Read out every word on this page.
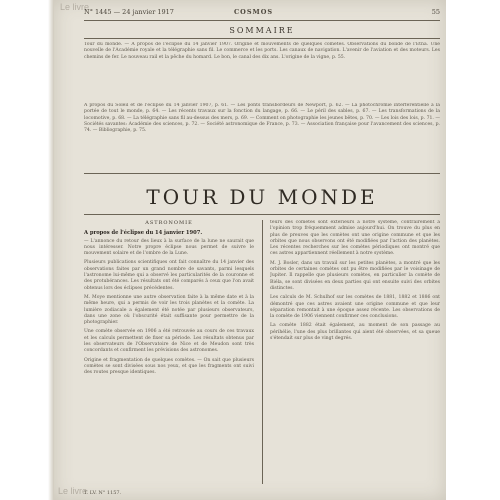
Le livre
Le livre
N° 1445 — 24 janvier 1917	COSMOS	55
SOMMAIRE
Tour du monde. — A propos de l'éclipse du 14 janvier 1907. Origine et mouvements de quelques comètes. Observations du bolide de l'Etna. Une nouvelle de l'Académie royale et la télégraphie sans fil. Le commerce et les ports. Les canaux de navigation. L'avenir de l'aviation et des moteurs. Les chemins de fer. Le nouveau rail et la pêche du homard. Le bon, le canal des dix ans. L'origine de la vigne, p. 55.
A propos du Soleil et de l'éclipse du 14 janvier 1907, p. 61. — Les ponts transbordeurs de Newport, p. 62. — La photochromie interférentielle à la portée de tout le monde, p. 64. — Les récents travaux sur la fonction du langage, p. 66. — Le péril des sables, p. 67. — Les transformations de la locomotive, p. 68. — La télégraphie sans fil au-dessus des mers, p. 69. — Comment on photographie les jeunes bêtes, p. 70. — Les lois des lois, p. 71. — Sociétés savantes: Académie des sciences, p. 72. — Société astronomique de France, p. 73. — Association française pour l'avancement des sciences, p. 74. — Bibliographie, p. 75.
TOUR DU MONDE
ASTRONOMIE
A propos de l'éclipse du 14 janvier 1907.
— L'annonce du retour des lieux à la surface de la lune ne saurait que nous intéresser. Notre propre éclipse nous permet de suivre le mouvement solaire et de l'ombre de la Lune.
Plusieurs publications scientifiques ont fait connaître du 14 janvier des observations faites par un grand nombre de savants, parmi lesquels l'astronome lui-même qui a observé les particularités de la couronne et des protubérances. Les résultats ont été comparés à ceux que l'on avait obtenus lors des éclipses précédentes.
M. Moye mentionne une autre observation faite à la même date et à la même heure, qui a permis de voir les trois planètes et la comète. La lumière zodiacale a également été notée par plusieurs observateurs, dans une zone où l'obscurité était suffisante pour permettre de la photographier.
Une comète observée en 1906 a été retrouvée au cours de ces travaux et les calculs permettent de fixer sa période. Les résultats obtenus par les observateurs de l'Observatoire de Nice et de Meudon sont très concordants et confirment les prévisions des astronomes.
Origine et fragmentation de quelques comètes. — On sait que plusieurs comètes se sont divisées sous nos yeux, et que les fragments ont suivi des routes presque identiques.
teurs des comètes sont extérieurs à notre système, contrairement à l'opinion trop fréquemment admise aujourd'hui. On trouve du plus en plus de preuves que les comètes ont une origine commune et que les orbites que nous observons ont été modifiées par l'action des planètes. Les récentes recherches sur les comètes périodiques ont montré que ces astres appartiennent réellement à notre système.
M. J. Bosler, dans un travail sur les petites planètes, a montré que les orbites de certaines comètes ont pu être modifiées par le voisinage de Jupiter. Il rappelle que plusieurs comètes, en particulier la comète de Biéla, se sont divisées en deux parties qui ont ensuite suivi des orbites distinctes.
Les calculs de M. Schulhof sur les comètes de 1881, 1882 et 1886 ont démontré que ces astres avaient une origine commune et que leur séparation remontait à une époque assez récente. Les observations de la comète de 1906 viennent confirmer ces conclusions.
La comète 1882 était également, au moment de son passage au périhélie, l'une des plus brillantes qui aient été observées, et sa queue s'étendait sur plus de vingt degrés.
T. LV. N° 1157.
